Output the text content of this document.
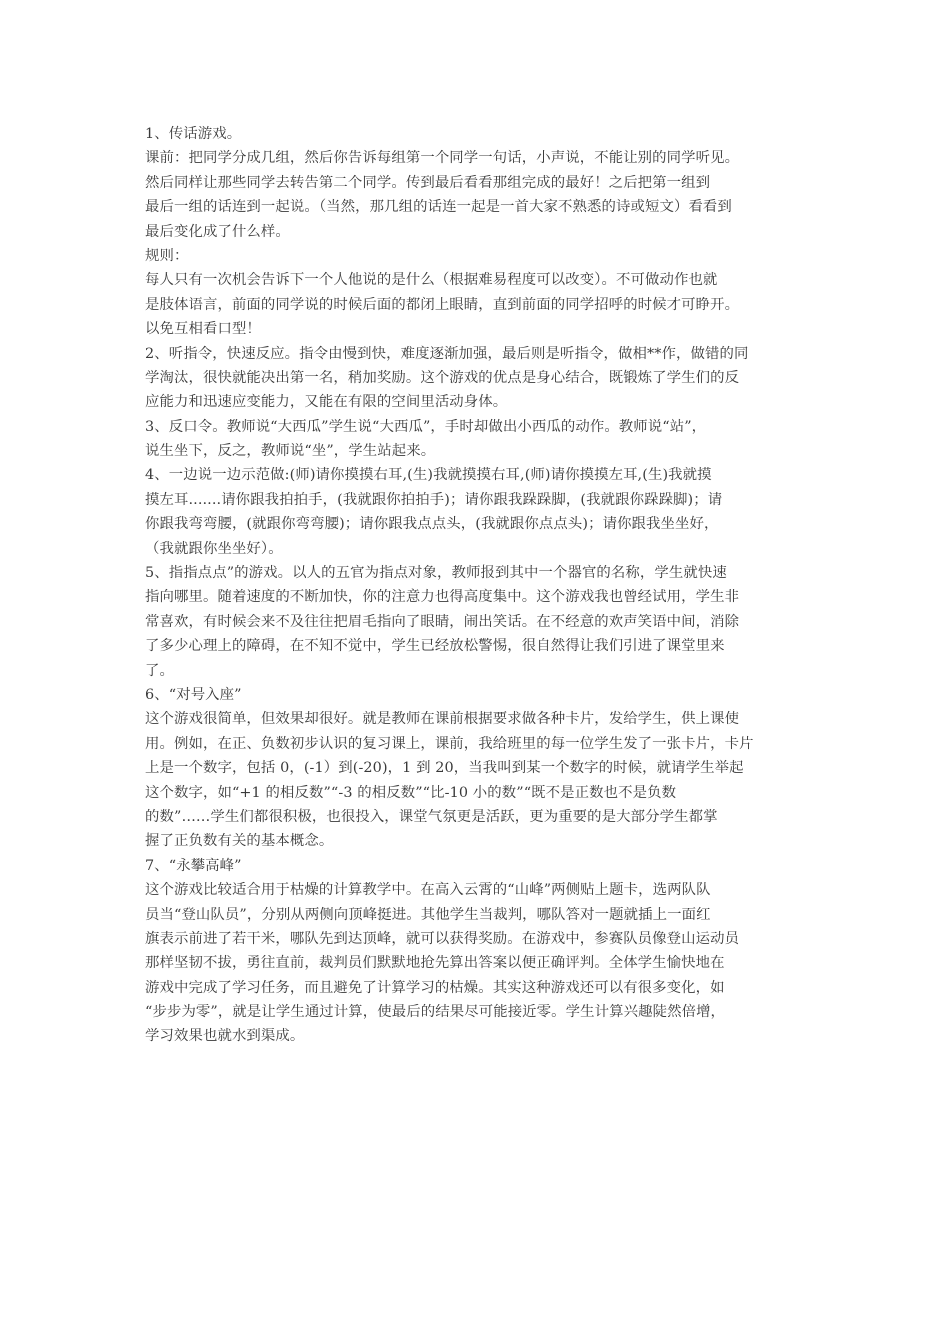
1、传话游戏。
课前：把同学分成几组，然后你告诉每组第一个同学一句话，小声说，不能让别的同学听见。
然后同样让那些同学去转告第二个同学。传到最后看看那组完成的最好！之后把第一组到
最后一组的话连到一起说。（当然，那几组的话连一起是一首大家不熟悉的诗或短文）看看到
最后变化成了什么样。
规则：
每人只有一次机会告诉下一个人他说的是什么（根据难易程度可以改变）。不可做动作也就
是肢体语言，前面的同学说的时候后面的都闭上眼睛，直到前面的同学招呼的时候才可睁开。
以免互相看口型！
2、听指令，快速反应。指令由慢到快，难度逐渐加强，最后则是听指令，做相**作，做错的同
学淘汰，很快就能决出第一名，稍加奖励。这个游戏的优点是身心结合，既锻炼了学生们的反
应能力和迅速应变能力，又能在有限的空间里活动身体。
3、反口令。教师说“大西瓜”学生说“大西瓜”，手时却做出小西瓜的动作。教师说“站”，
说生坐下，反之，教师说“坐”，学生站起来。
4、一边说一边示范做:(师)请你摸摸右耳,(生)我就摸摸右耳,(师)请你摸摸左耳,(生)我就摸
摸左耳.......请你跟我拍拍手，(我就跟你拍拍手)；请你跟我跺跺脚，(我就跟你跺跺脚)；请
你跟我弯弯腰，(就跟你弯弯腰)；请你跟我点点头，(我就跟你点点头)；请你跟我坐坐好，
（我就跟你坐坐好）。
5、指指点点”的游戏。以人的五官为指点对象，教师报到其中一个器官的名称，学生就快速
指向哪里。随着速度的不断加快，你的注意力也得高度集中。这个游戏我也曾经试用，学生非
常喜欢，有时候会来不及往往把眉毛指向了眼睛，闹出笑话。在不经意的欢声笑语中间，消除
了多少心理上的障碍，在不知不觉中，学生已经放松警惕，很自然得让我们引进了课堂里来
了。
6、“对号入座”
这个游戏很简单，但效果却很好。就是教师在课前根据要求做各种卡片，发给学生，供上课使
用。例如，在正、负数初步认识的复习课上，课前，我给班里的每一位学生发了一张卡片，卡片
上是一个数字，包括 0，(-1）到(-20)，1 到 20，当我叫到某一个数字的时候，就请学生举起
这个数字，如“+1 的相反数”“-3 的相反数”“比-10 小的数”“既不是正数也不是负数
的数”……学生们都很积极，也很投入，课堂气氛更是活跃，更为重要的是大部分学生都掌
握了正负数有关的基本概念。
7、“永攀高峰”
这个游戏比较适合用于枯燥的计算教学中。在高入云霄的“山峰”两侧贴上题卡，选两队队
员当“登山队员”，分别从两侧向顶峰挺进。其他学生当裁判，哪队答对一题就插上一面红
旗表示前进了若干米，哪队先到达顶峰，就可以获得奖励。在游戏中，参赛队员像登山运动员
那样坚韧不拔，勇往直前，裁判员们默默地抢先算出答案以便正确评判。全体学生愉快地在
游戏中完成了学习任务，而且避免了计算学习的枯燥。其实这种游戏还可以有很多变化，如
“步步为零”，就是让学生通过计算，使最后的结果尽可能接近零。学生计算兴趣陡然倍增，
学习效果也就水到渠成。
